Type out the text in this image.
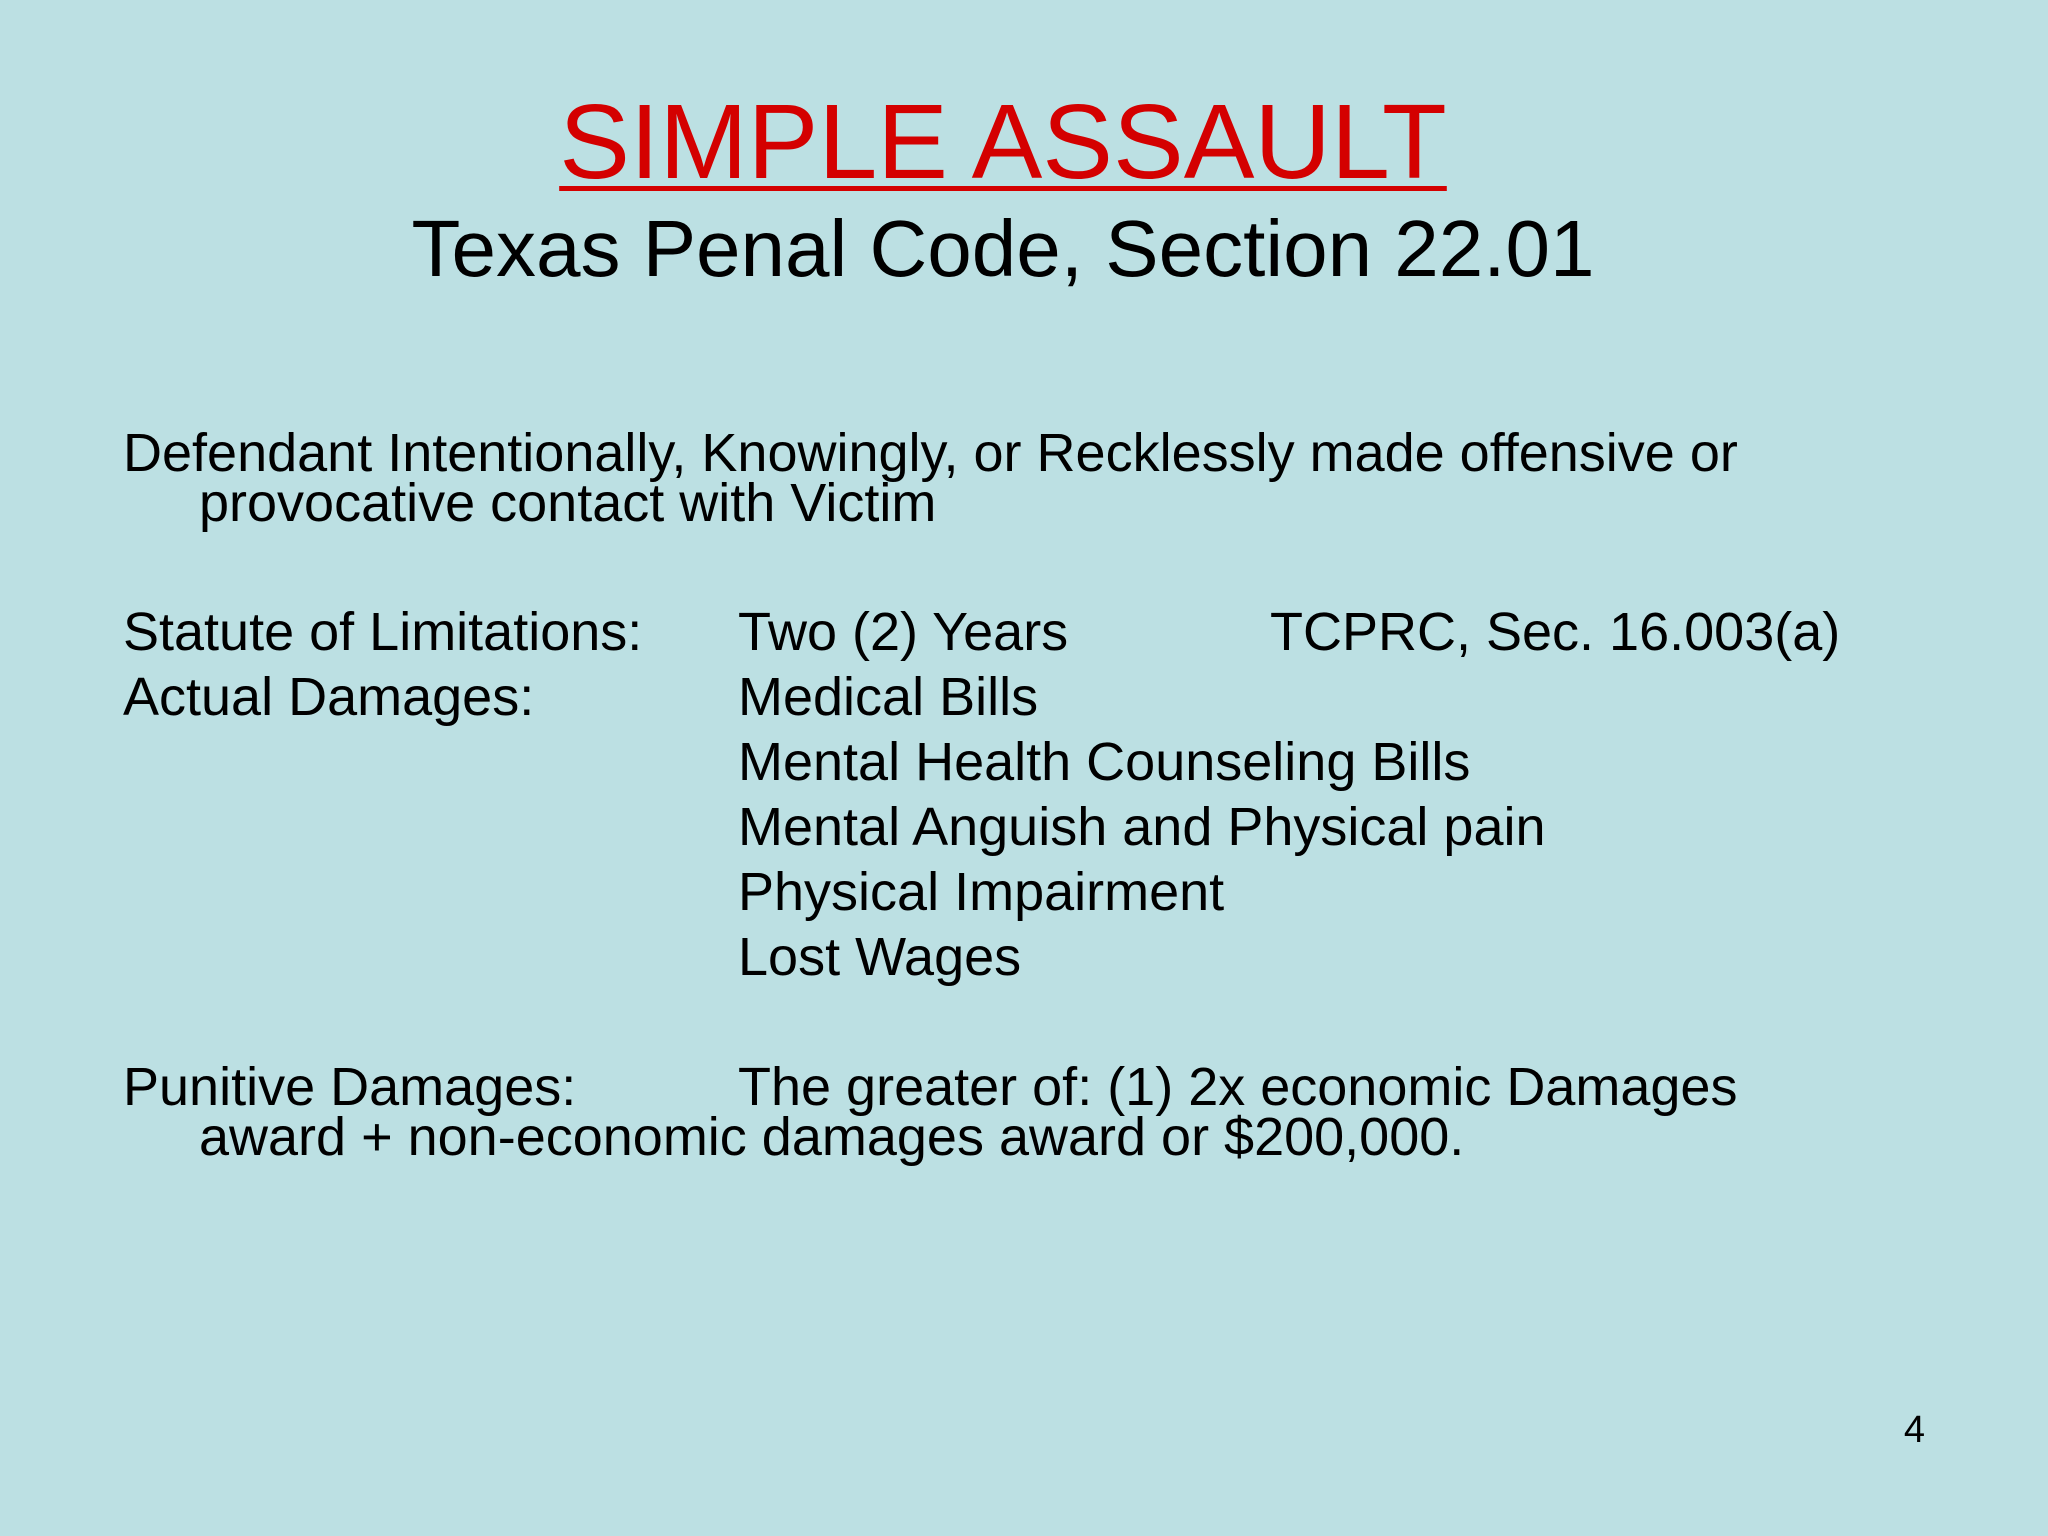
SIMPLE ASSAULT
Texas Penal Code, Section 22.01
Defendant Intentionally, Knowingly, or Recklessly made offensive or
provocative contact with Victim
Statute of Limitations: Two (2) Years	TCPRC, Sec. 16.003(a)
Actual Damages:	Medical Bills
Mental Health Counseling Bills
Mental Anguish and Physical pain
Physical Impairment
Lost Wages
Punitive Damages:	The greater of: (1) 2x economic Damages
award + non-economic damages award or $200,000.
4
